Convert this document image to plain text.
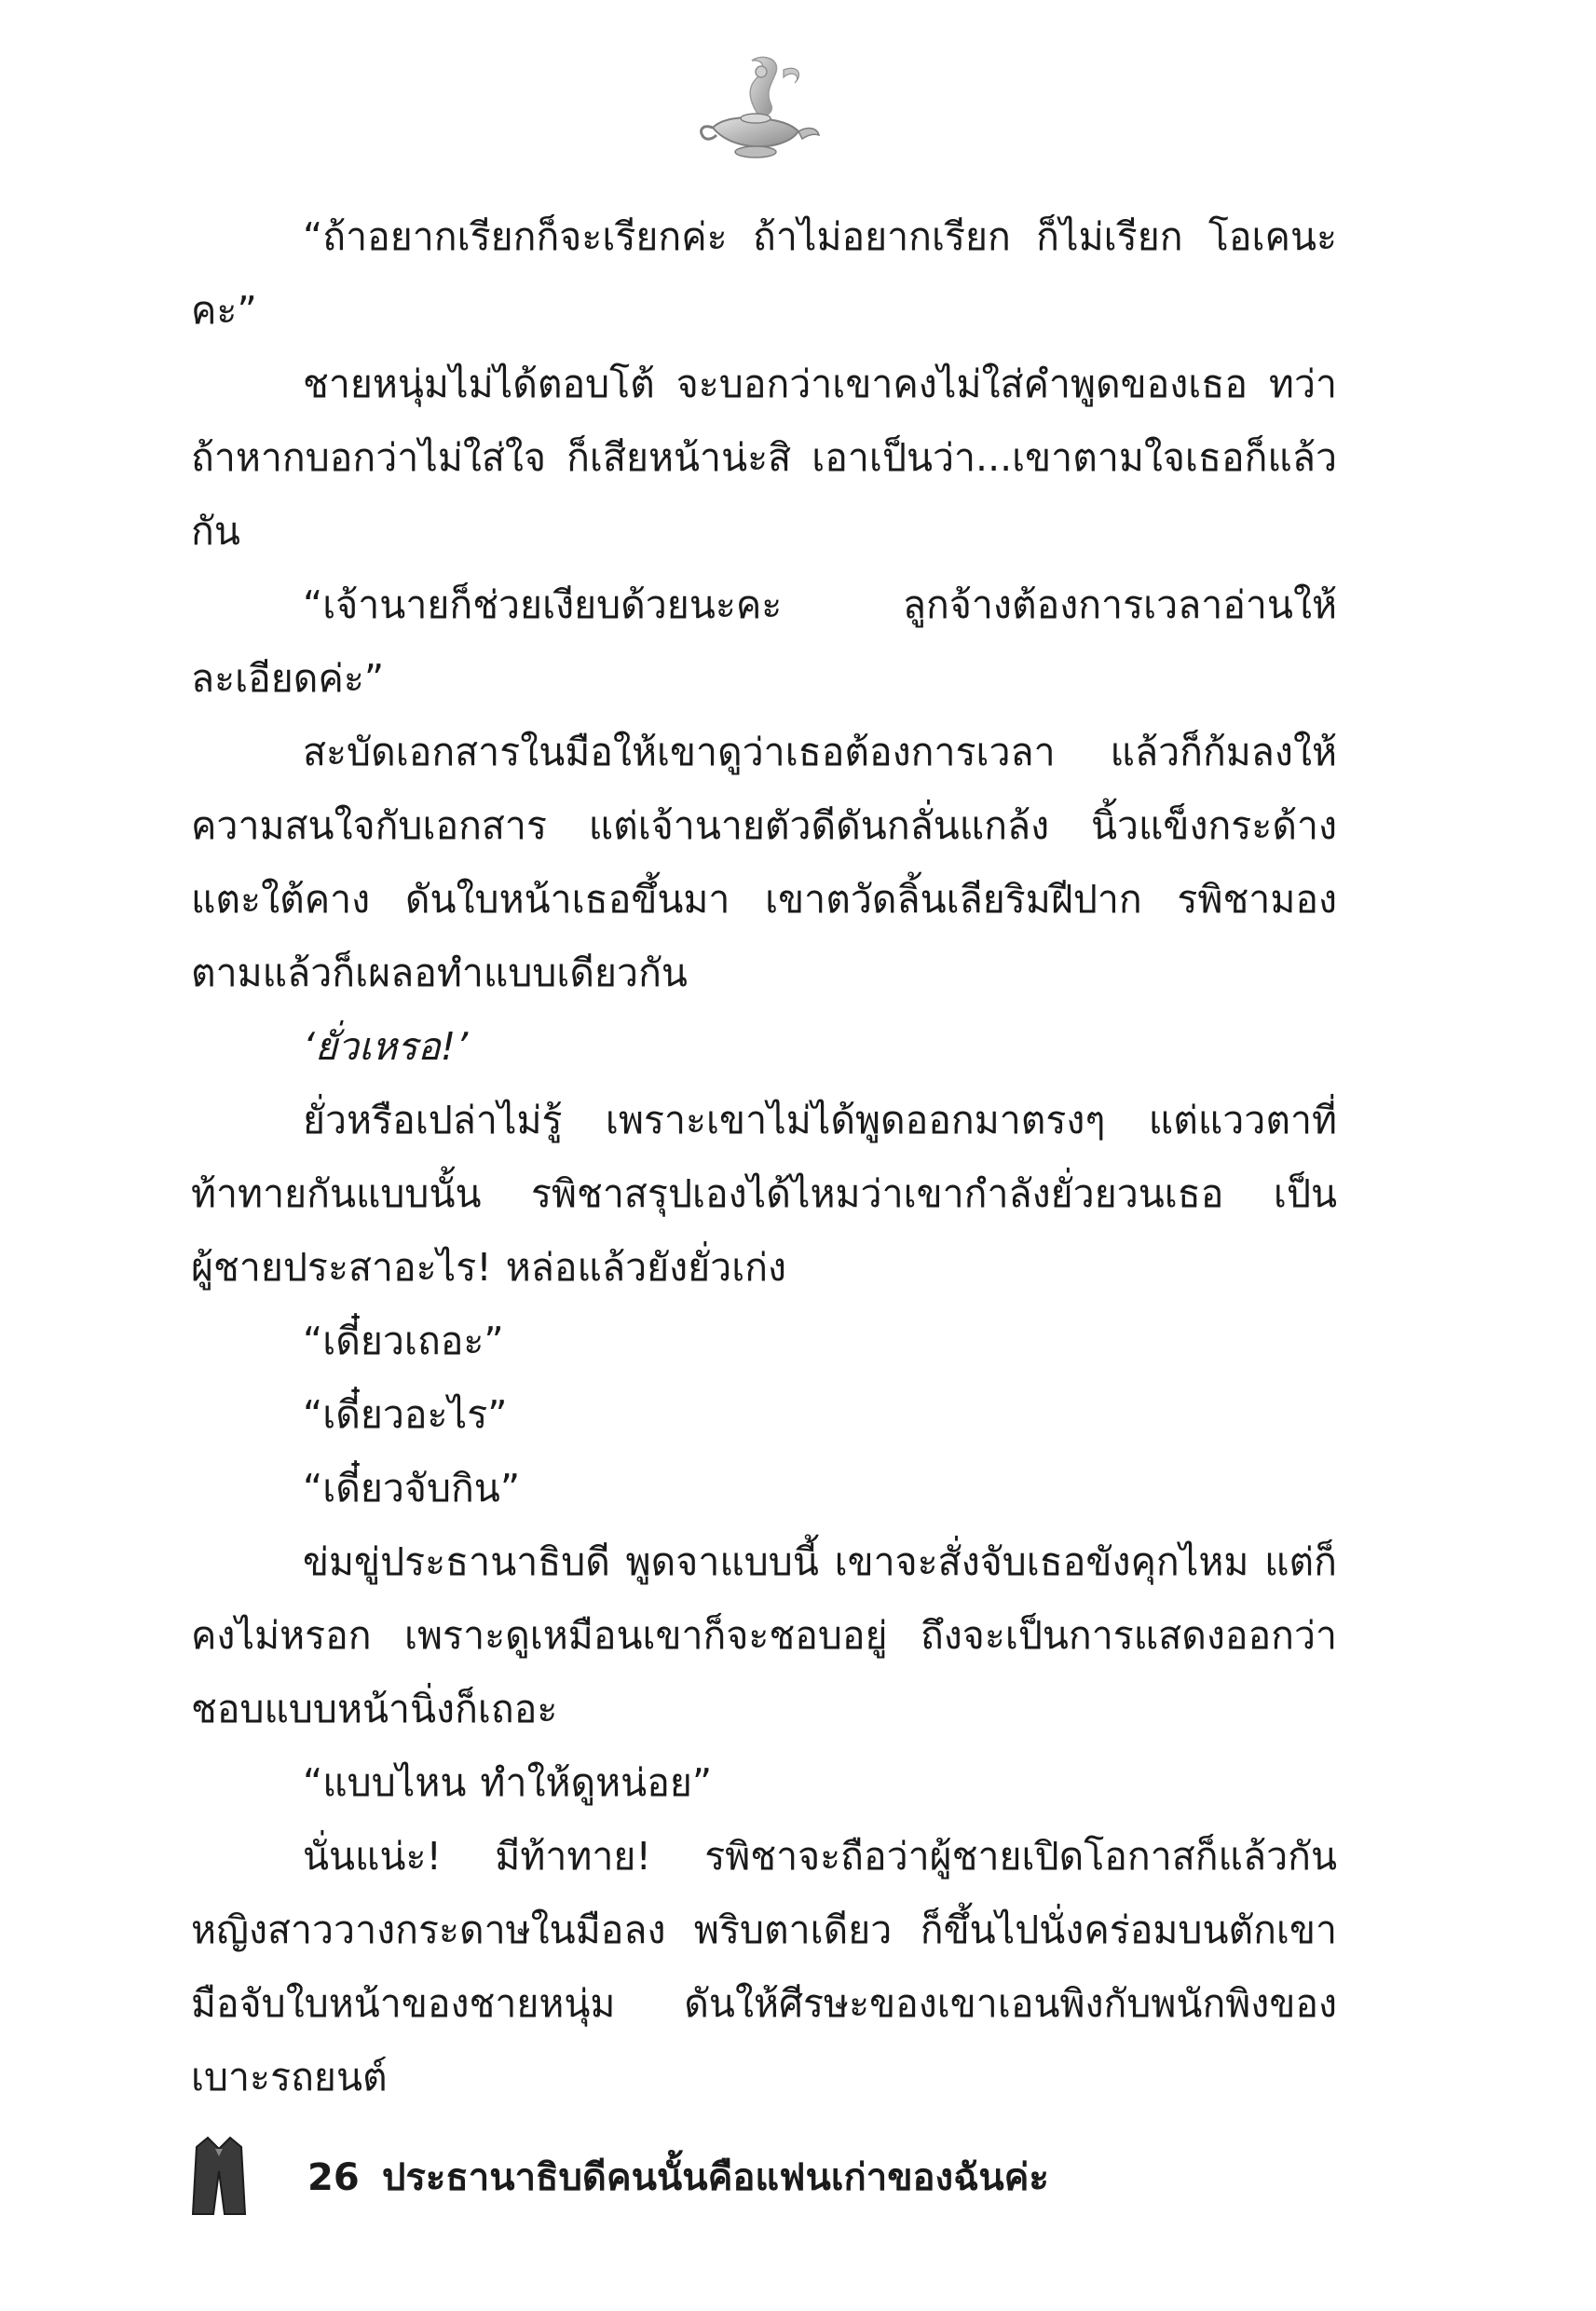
“ถ้าอยากเรียกก็จะเรียกค่ะ ถ้าไม่อยากเรียก ก็ไม่เรียก โอเคนะคะ”

ชายหนุ่มไม่ได้ตอบโต้ จะบอกว่าเขาคงไม่ใส่คำพูดของเธอ ทว่าถ้าหากบอกว่าไม่ใส่ใจ ก็เสียหน้าน่ะสิ เอาเป็นว่า...เขาตามใจเธอก็แล้วกัน

“เจ้านายก็ช่วยเงียบด้วยนะคะ ลูกจ้างต้องการเวลาอ่านให้ละเอียดค่ะ”

สะบัดเอกสารในมือให้เขาดูว่าเธอต้องการเวลา แล้วก็ก้มลงให้ความสนใจกับเอกสาร แต่เจ้านายตัวดีดันกลั่นแกล้ง นิ้วแข็งกระด้างแตะใต้คาง ดันใบหน้าเธอขึ้นมา เขาตวัดลิ้นเลียริมฝีปาก รพิชามองตามแล้วก็เผลอทำแบบเดียวกัน

‘ยั่วเหรอ!’

ยั่วหรือเปล่าไม่รู้ เพราะเขาไม่ได้พูดออกมาตรงๆ แต่แววตาที่ท้าทายกันแบบนั้น รพิชาสรุปเองได้ไหมว่าเขากำลังยั่วยวนเธอ เป็นผู้ชายประสาอะไร! หล่อแล้วยังยั่วเก่ง

“เดี๋ยวเถอะ”

“เดี๋ยวอะไร”

“เดี๋ยวจับกิน”

ข่มขู่ประธานาธิบดี พูดจาแบบนี้ เขาจะสั่งจับเธอขังคุกไหม แต่ก็คงไม่หรอก เพราะดูเหมือนเขาก็จะชอบอยู่ ถึงจะเป็นการแสดงออกว่าชอบแบบหน้านิ่งก็เถอะ

“แบบไหน ทำให้ดูหน่อย”

นั่นแน่ะ! มีท้าทาย! รพิชาจะถือว่าผู้ชายเปิดโอกาสก็แล้วกัน หญิงสาววางกระดาษในมือลง พริบตาเดียว ก็ขึ้นไปนั่งคร่อมบนตักเขา มือจับใบหน้าของชายหนุ่ม ดันให้ศีรษะของเขาเอนพิงกับพนักพิงของเบาะรถยนต์

26 ประธานาธิบดีคนนั้นคือแฟนเก่าของฉันค่ะ
